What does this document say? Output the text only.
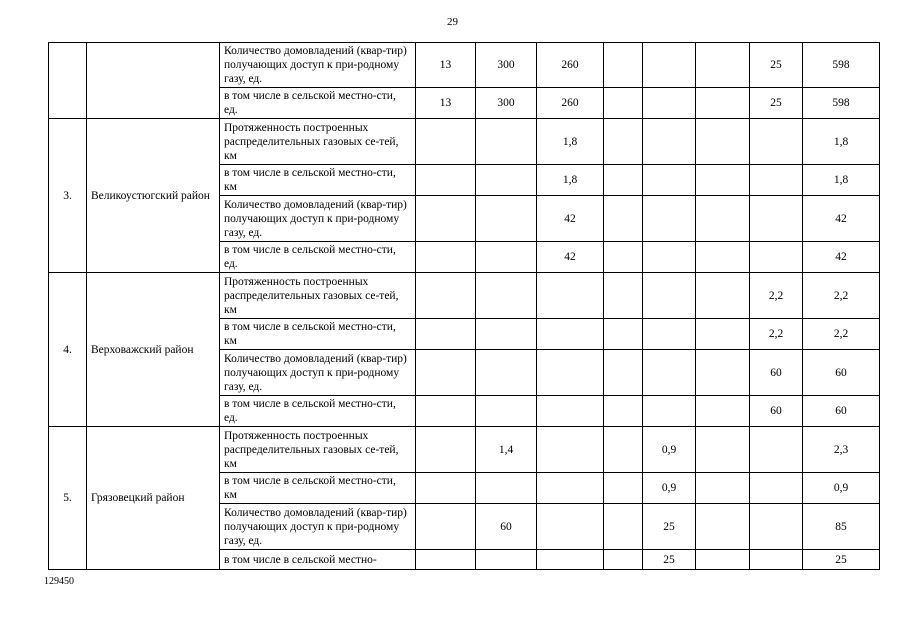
29
		Количество домовладений (квар-тир) получающих доступ к при-родному газу, ед.	13	300	260				25	598
		в том числе в сельской местно-сти, ед.	13	300	260				25	598
3.	Великоустюгский район	Протяженность построенных распределительных газовых се-тей, км			1,8					1,8
		в том числе в сельской местно-сти, км			1,8					1,8
		Количество домовладений (квар-тир) получающих доступ к при-родному газу, ед.			42					42
		в том числе в сельской местно-сти, ед.			42					42
4.	Верховажский район	Протяженность построенных распределительных газовых се-тей, км							2,2	2,2
		в том числе в сельской местно-сти, км							2,2	2,2
		Количество домовладений (квар-тир) получающих доступ к при-родному газу, ед.							60	60
		в том числе в сельской местно-сти, ед.							60	60
5.	Грязовецкий район	Протяженность построенных распределительных газовых се-тей, км		1,4			0,9			2,3
		в том числе в сельской местно-сти, км					0,9			0,9
		Количество домовладений (квар-тир) получающих доступ к при-родному газу, ед.		60			25			85

		в том числе в сельской местно-					25			25
129450
